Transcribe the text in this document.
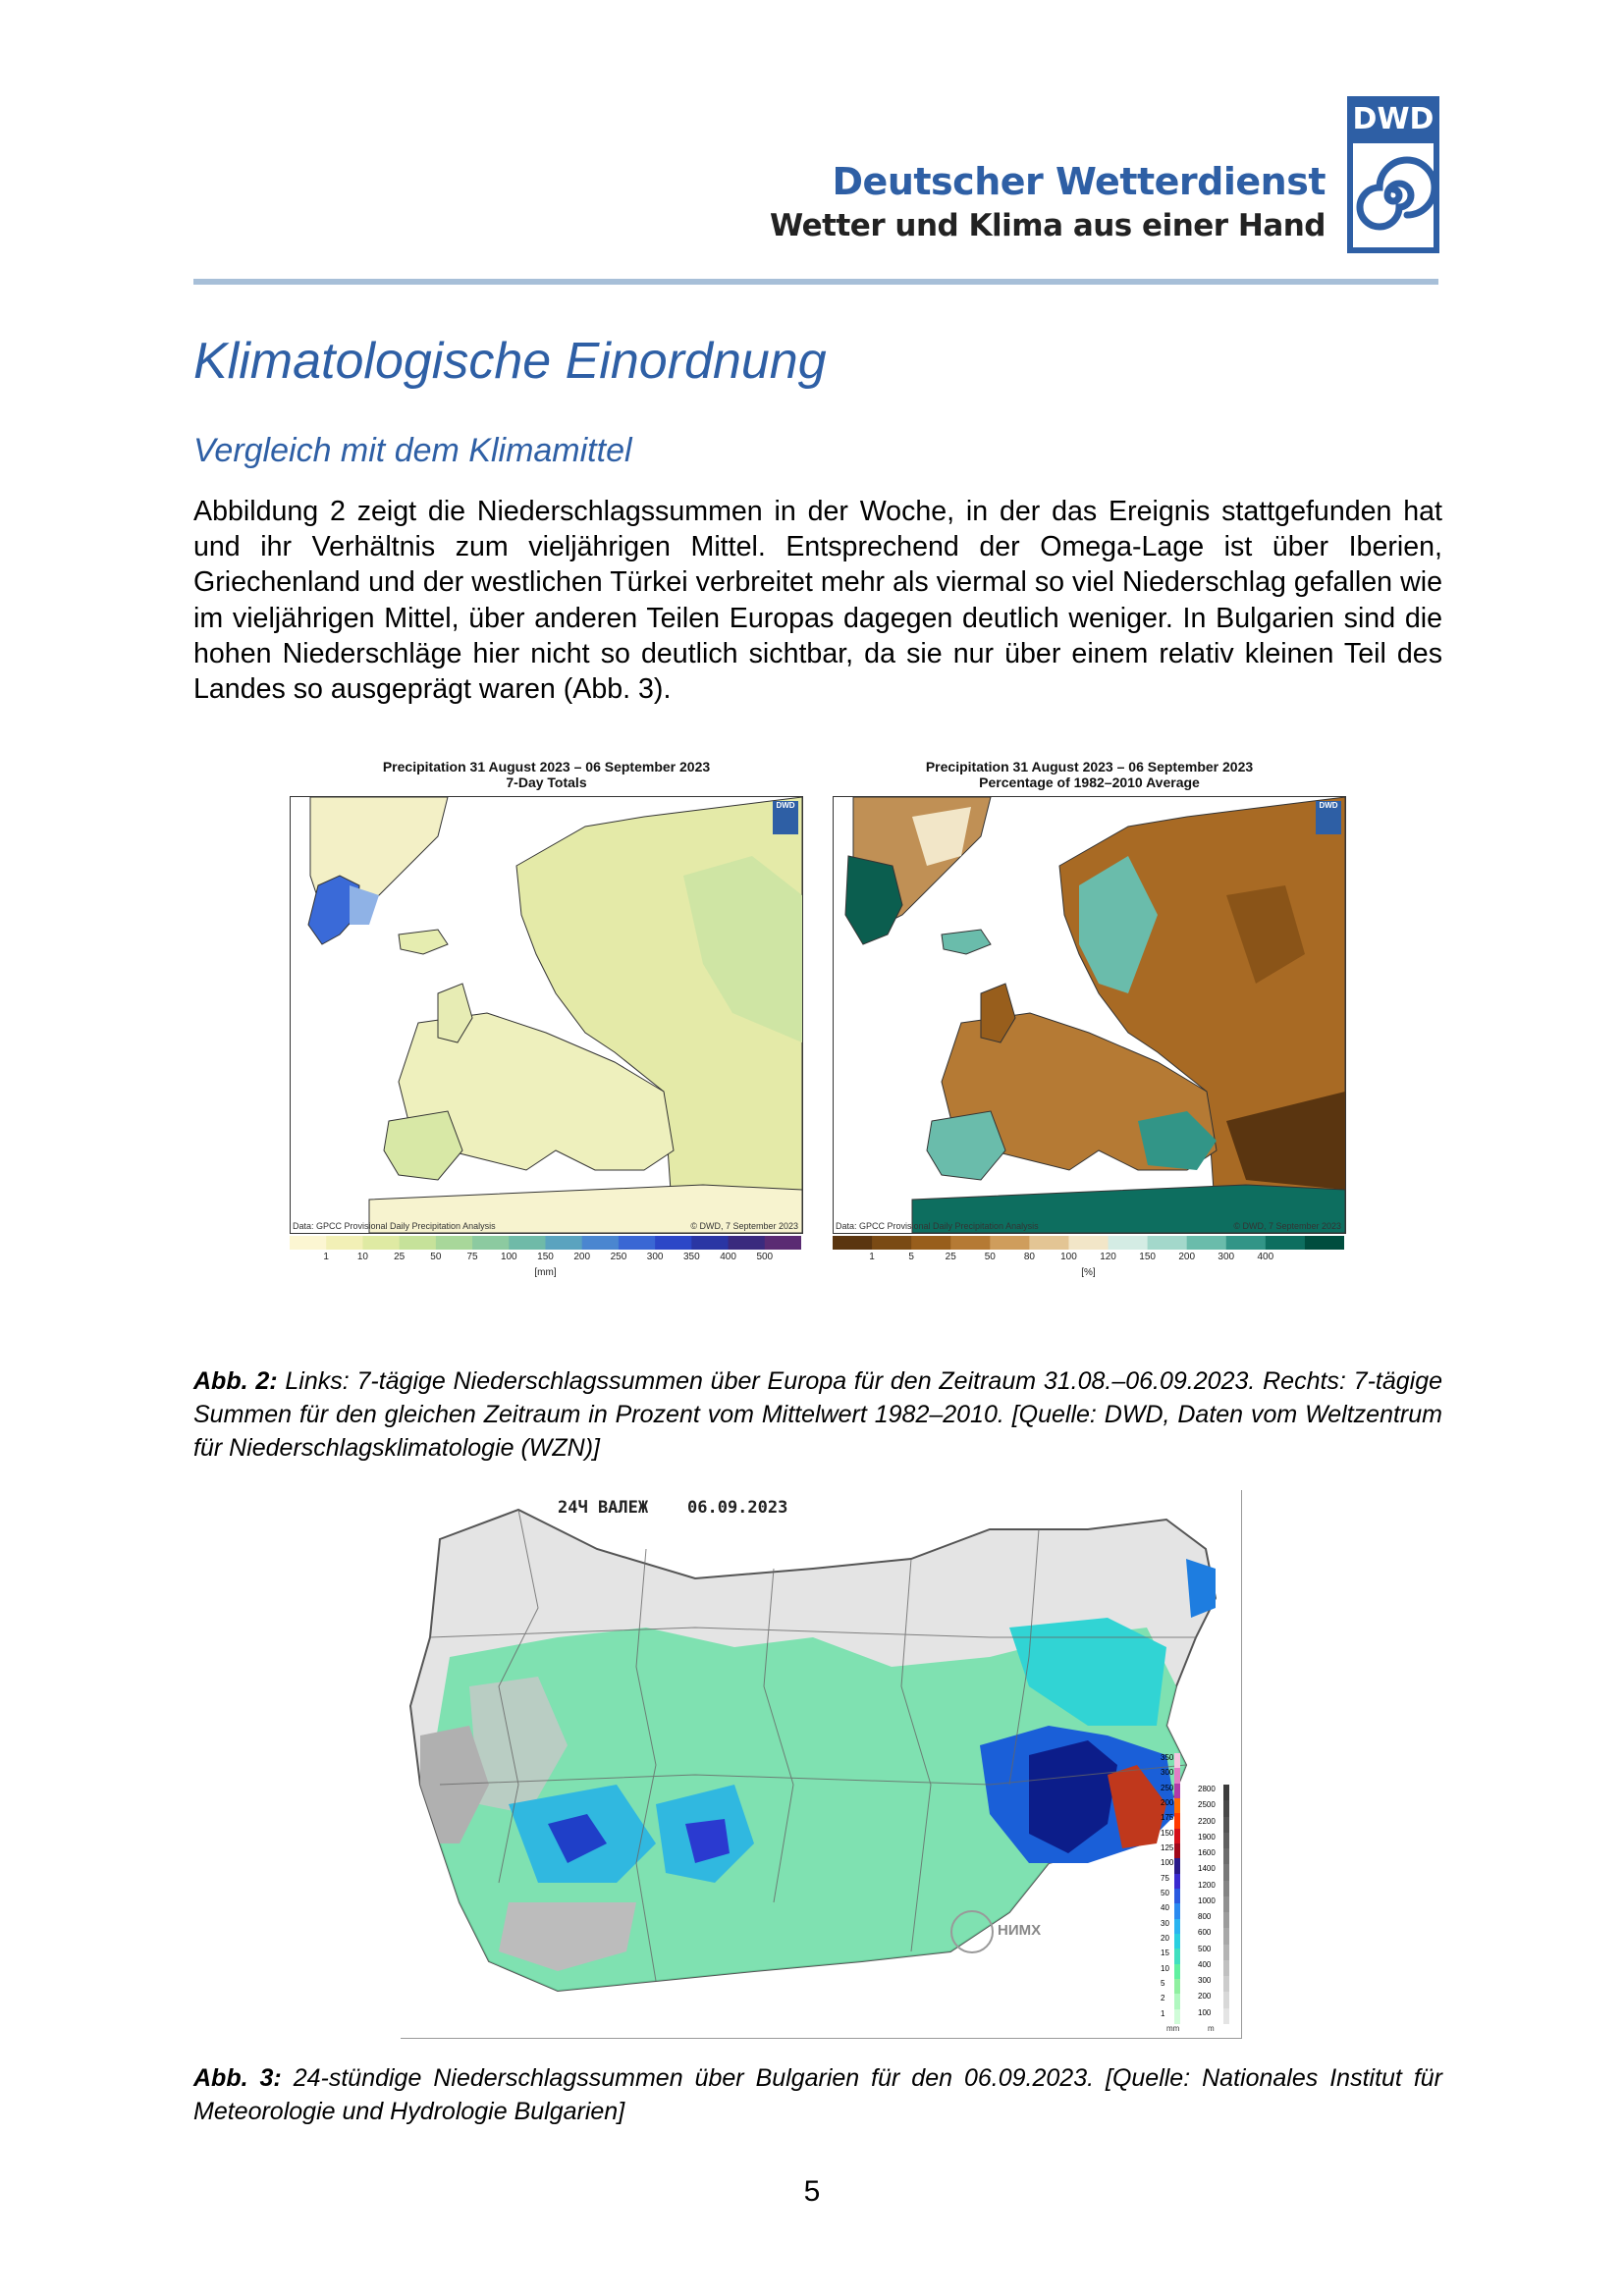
Deutscher Wetterdienst
Wetter und Klima aus einer Hand
DWD
Klimatologische Einordnung
Vergleich mit dem Klimamittel
Abbildung 2 zeigt die Niederschlagssummen in der Woche, in der das Ereignis stattgefunden hat und ihr Verhältnis zum vieljährigen Mittel. Entsprechend der Omega-Lage ist über Iberien, Griechenland und der westlichen Türkei verbreitet mehr als viermal so viel Niederschlag gefallen wie im vieljährigen Mittel, über anderen Teilen Europas dagegen deutlich weniger. In Bulgarien sind die hohen Niederschläge hier nicht so deutlich sichtbar, da sie nur über einem relativ kleinen Teil des Landes so ausgeprägt waren (Abb. 3).
Precipitation 31 August 2023 – 06 September 2023
7-Day Totals
DWD
Data: GPCC Provisional Daily Precipitation Analysis	© DWD, 7 September 2023
1	10	25	50	75	100	150	200	250	300	350	400	500
[mm]
Precipitation 31 August 2023 – 06 September 2023
Percentage of 1982–2010 Average
DWD
Data: GPCC Provisional Daily Precipitation Analysis	© DWD, 7 September 2023
1	5	25	50	80	100	120	150	200	300	400
[%]
Abb. 2: Links: 7-tägige Niederschlagssummen über Europa für den Zeitraum 31.08.–06.09.2023. Rechts: 7-tägige Summen für den gleichen Zeitraum in Prozent vom Mittelwert 1982–2010. [Quelle: DWD, Daten vom Weltzentrum für Niederschlagsklimatologie (WZN)]
24Ч ВАЛЕЖ 06.09.2023
НИМХ
350
300
250
200
175
150
125
100
75
50
40
30
20
15
10
5
2
1
2800
2500
2200
1900
1600
1400
1200
1000
800
600
500
400
300
200
100
mm	m
Abb. 3: 24-stündige Niederschlagssummen über Bulgarien für den 06.09.2023. [Quelle: Nationales Institut für Meteorologie und Hydrologie Bulgarien]
5
